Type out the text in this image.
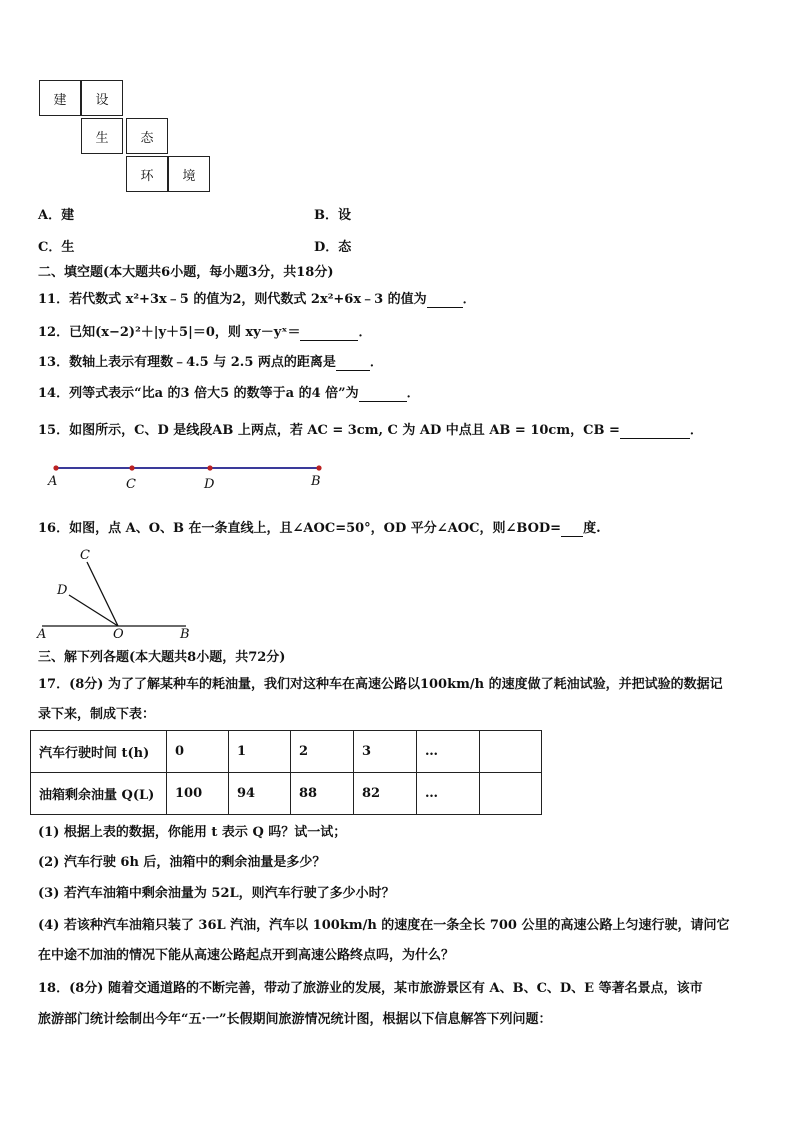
建	设
生	态
环	境
A．建	B．设
C．生	D．态
二、填空题(本大题共6小题，每小题3分，共18分)
11．若代数式 x²+3x﹣5 的值为2，则代数式 2x²+6x﹣3 的值为	．
12．已知(x−2)²＋|y＋5|＝0，则 xy－yˣ＝	．
13．数轴上表示有理数﹣4.5 与 2.5 两点的距离是	．
14．列等式表示“比a 的3 倍大5 的数等于a 的4 倍”为	．
15．如图所示，C、D 是线段AB 上两点，若 AC = 3cm, C 为 AD 中点且 AB = 10cm，CB =	．
A	C	D	B
16．如图，点 A、O、B 在一条直线上，且∠AOC=50°，OD 平分∠AOC，则∠BOD= 度.
C
D
A	O	B
三、解下列各题(本大题共8小题，共72分)
17．(8分) 为了了解某种车的耗油量，我们对这种车在高速公路以100km/h 的速度做了耗油试验，并把试验的数据记
录下来，制成下表：
汽车行驶时间 t(h)	0	1	2	3	…	
油箱剩余油量 Q(L)	100	94	88	82	…	
(1) 根据上表的数据，你能用 t 表示 Q 吗？试一试；
(2) 汽车行驶 6h 后，油箱中的剩余油量是多少？
(3) 若汽车油箱中剩余油量为 52L，则汽车行驶了多少小时？
(4) 若该种汽车油箱只装了 36L 汽油，汽车以 100km/h 的速度在一条全长 700 公里的高速公路上匀速行驶，请问它
在中途不加油的情况下能从高速公路起点开到高速公路终点吗，为什么？
18．(8分) 随着交通道路的不断完善，带动了旅游业的发展，某市旅游景区有 A、B、C、D、E 等著名景点，该市
旅游部门统计绘制出今年“五·一”长假期间旅游情况统计图，根据以下信息解答下列问题：
